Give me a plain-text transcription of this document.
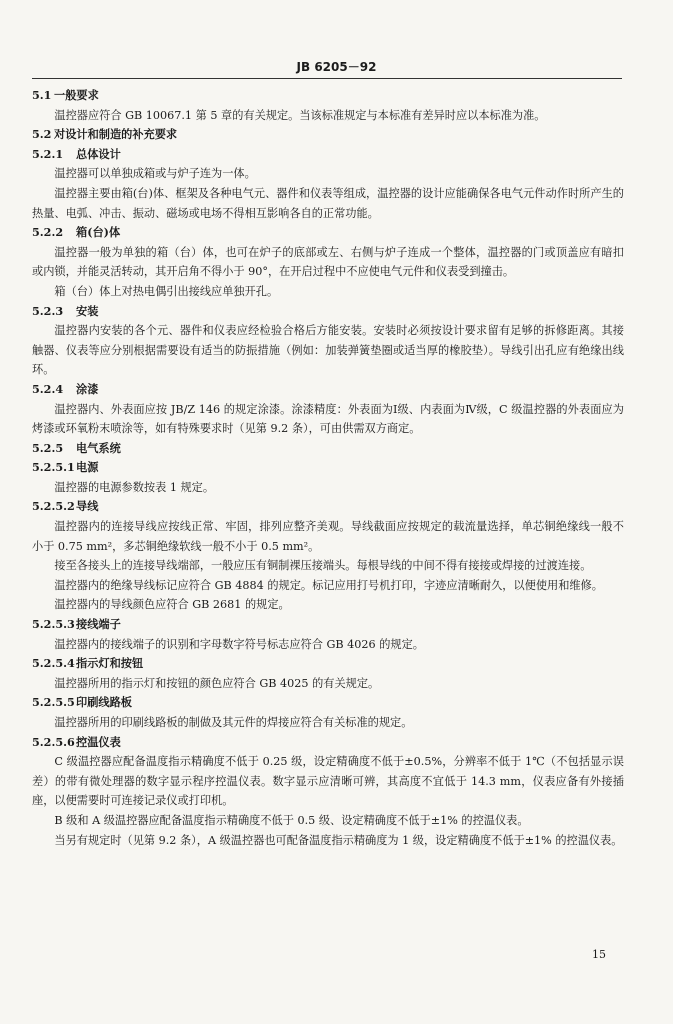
JB 6205－92
5.1 一般要求
温控器应符合 GB 10067.1 第 5 章的有关规定。当该标准规定与本标准有差异时应以本标准为准。
5.2 对设计和制造的补充要求
5.2.1 总体设计
温控器可以单独成箱或与炉子连为一体。
温控器主要由箱(台)体、框架及各种电气元、器件和仪表等组成，温控器的设计应能确保各电气元件动作时所产生的热量、电弧、冲击、振动、磁场或电场不得相互影响各自的正常功能。
5.2.2 箱(台)体
温控器一般为单独的箱（台）体，也可在炉子的底部或左、右侧与炉子连成一个整体，温控器的门或顶盖应有暗扣或内锁，并能灵活转动，其开启角不得小于 90°，在开启过程中不应使电气元件和仪表受到撞击。
箱（台）体上对热电偶引出接线应单独开孔。
5.2.3 安装
温控器内安装的各个元、器件和仪表应经检验合格后方能安装。安装时必须按设计要求留有足够的拆修距离。其接触器、仪表等应分别根据需要设有适当的防振措施（例如：加装弹簧垫圈或适当厚的橡胶垫）。导线引出孔应有绝缘出线环。
5.2.4 涂漆
温控器内、外表面应按 JB/Z 146 的规定涂漆。涂漆精度：外表面为Ⅰ级、内表面为Ⅳ级，C 级温控器的外表面应为烤漆或环氧粉末喷涂等，如有特殊要求时（见第 9.2 条），可由供需双方商定。
5.2.5 电气系统
5.2.5.1电源
温控器的电源参数按表 1 规定。
5.2.5.2导线
温控器内的连接导线应按线正常、牢固，排列应整齐美观。导线截面应按规定的载流量选择，单芯铜绝缘线一般不小于 0.75 mm²，多芯铜绝缘软线一般不小于 0.5 mm²。
接至各接头上的连接导线端部，一般应压有铜制裸压接端头。每根导线的中间不得有接接或焊接的过渡连接。
温控器内的绝缘导线标记应符合 GB 4884 的规定。标记应用打号机打印，字迹应清晰耐久，以便使用和维修。
温控器内的导线颜色应符合 GB 2681 的规定。
5.2.5.3接线端子
温控器内的接线端子的识别和字母数字符号标志应符合 GB 4026 的规定。
5.2.5.4指示灯和按钮
温控器所用的指示灯和按钮的颜色应符合 GB 4025 的有关规定。
5.2.5.5印刷线路板
温控器所用的印刷线路板的制做及其元件的焊接应符合有关标准的规定。
5.2.5.6控温仪表
C 级温控器应配备温度指示精确度不低于 0.25 级，设定精确度不低于±0.5%，分辨率不低于 1℃（不包括显示误差）的带有微处理器的数字显示程序控温仪表。数字显示应清晰可辨，其高度不宜低于 14.3 mm，仪表应备有外接插座，以便需要时可连接记录仪或打印机。
B 级和 A 级温控器应配备温度指示精确度不低于 0.5 级、设定精确度不低于±1% 的控温仪表。
当另有规定时（见第 9.2 条），A 级温控器也可配备温度指示精确度为 1 级，设定精确度不低于±1% 的控温仪表。
15
